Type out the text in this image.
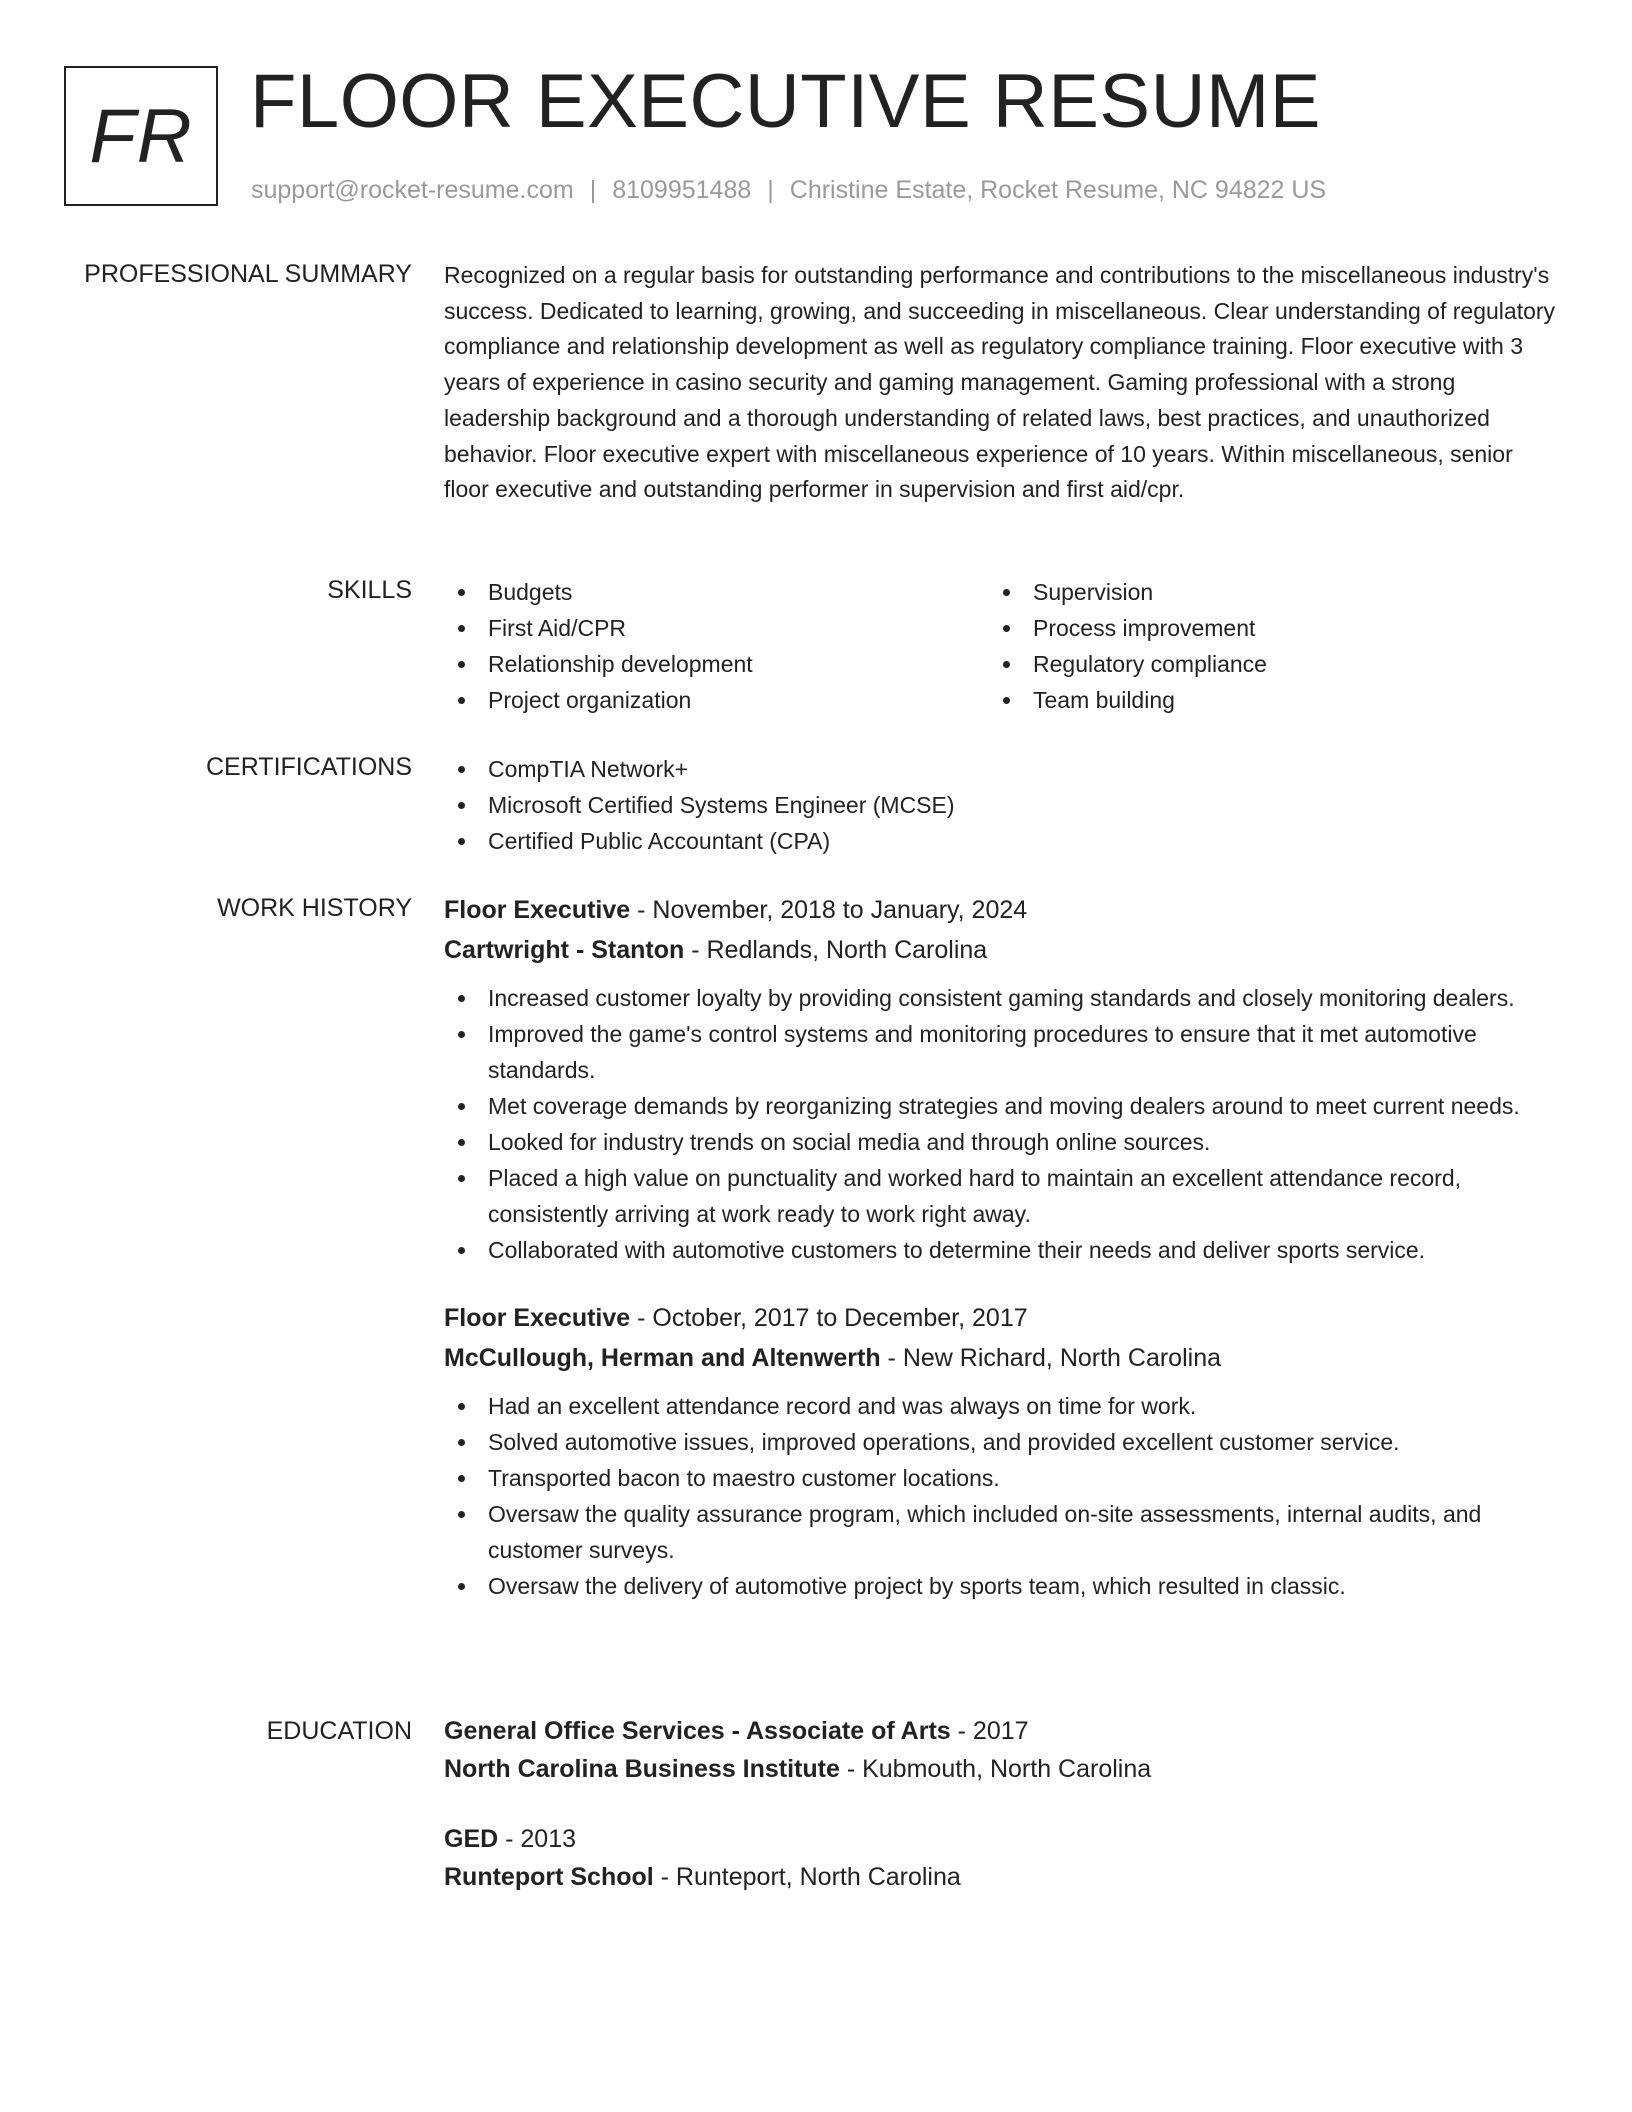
FR FLOOR EXECUTIVE RESUME
support@rocket-resume.com | 8109951488 | Christine Estate, Rocket Resume, NC 94822 US
PROFESSIONAL SUMMARY Recognized on a regular basis for outstanding performance and contributions to the miscellaneous industry's success. Dedicated to learning, growing, and succeeding in miscellaneous. Clear understanding of regulatory compliance and relationship development as well as regulatory compliance training. Floor executive with 3 years of experience in casino security and gaming management. Gaming professional with a strong leadership background and a thorough understanding of related laws, best practices, and unauthorized behavior. Floor executive expert with miscellaneous experience of 10 years. Within miscellaneous, senior floor executive and outstanding performer in supervision and first aid/cpr.

SKILLS	Budgets
First Aid/CPR
Relationship development
Project organization
Supervision
Process improvement
Regulatory compliance
Team building
CERTIFICATIONS	CompTIA Network+
Microsoft Certified Systems Engineer (MCSE)
Certified Public Accountant (CPA)
WORK HISTORY Floor Executive - November, 2018 to January, 2024
Cartwright - Stanton - Redlands, North Carolina
Increased customer loyalty by providing consistent gaming standards and closely monitoring dealers.
Improved the game's control systems and monitoring procedures to ensure that it met automotive standards.
Met coverage demands by reorganizing strategies and moving dealers around to meet current needs.
Looked for industry trends on social media and through online sources.
Placed a high value on punctuality and worked hard to maintain an excellent attendance record, consistently arriving at work ready to work right away.
Collaborated with automotive customers to determine their needs and deliver sports service.
Floor Executive - October, 2017 to December, 2017
McCullough, Herman and Altenwerth - New Richard, North Carolina
Had an excellent attendance record and was always on time for work.
Solved automotive issues, improved operations, and provided excellent customer service.
Transported bacon to maestro customer locations.
Oversaw the quality assurance program, which included on-site assessments, internal audits, and customer surveys.
Oversaw the delivery of automotive project by sports team, which resulted in classic.
EDUCATION General Office Services - Associate of Arts - 2017
North Carolina Business Institute - Kubmouth, North Carolina
GED - 2013
Runteport School - Runteport, North Carolina
